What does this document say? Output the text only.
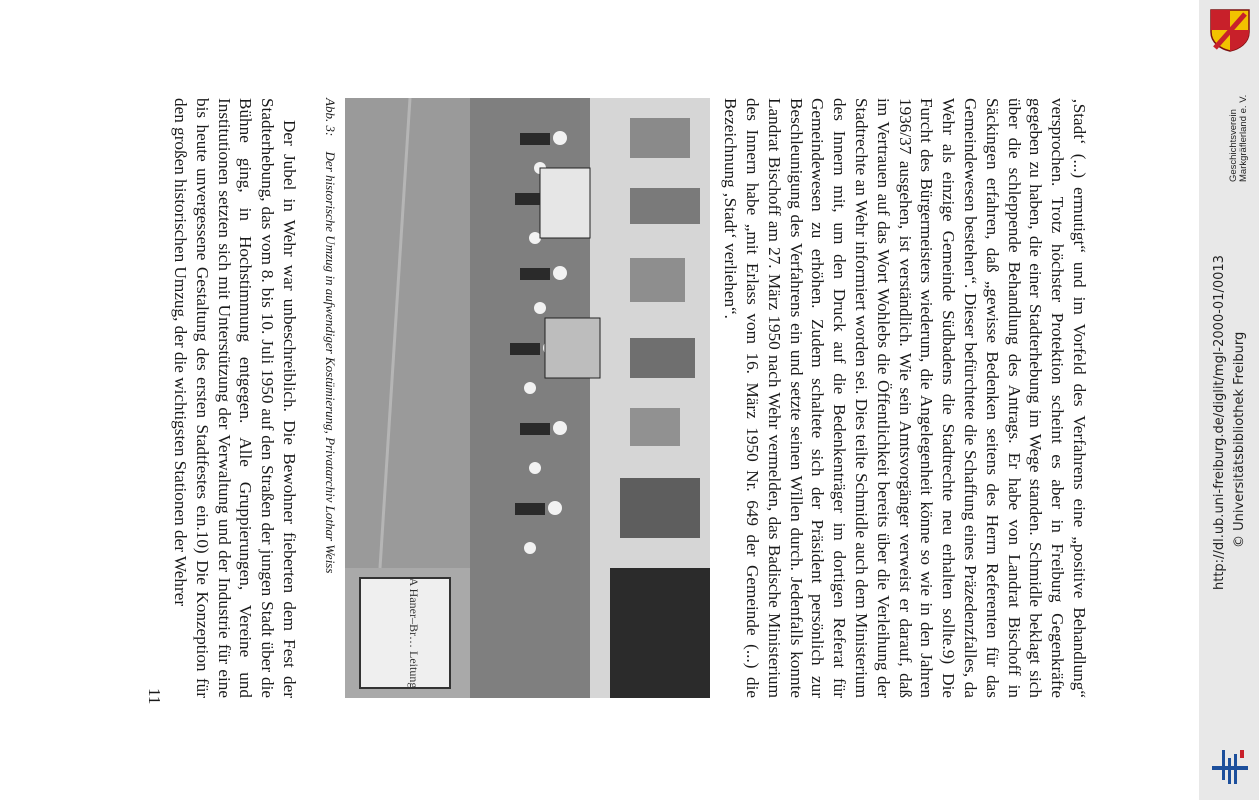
‚Stadt‘ (...) ermutigt“ und im Vorfeld des Verfahrens eine „positive Behandlung“ versprochen. Trotz höchster Protektion scheint es aber in Freiburg Gegenkräfte gegeben zu haben, die einer Stadterhebung im Wege standen. Schmidle beklagt sich über die schleppende Behandlung des Antrags. Er habe von Landrat Bischoff in Säckingen erfahren, daß „gewisse Bedenken seitens des Herrn Referenten für das Gemeindewesen bestehen“. Dieser befürchtete die Schaffung eines Präzedenzfalles, da Wehr als einzige Gemeinde Südbadens die Stadtrechte neu erhalten sollte.9) Die Furcht des Bürgermeisters wiederum, die Angelegenheit könne so wie in den Jahren 1936/37 ausgehen, ist verständlich. Wie sein Amtsvorgänger verweist er darauf, daß im Vertrauen auf das Wort Wohlebs die Öffentlichkeit bereits über die Verleihung der Stadtrechte an Wehr informiert worden sei. Dies teilte Schmidle auch dem Ministerium des Innern mit, um den Druck auf die Bedenkenträger im dortigen Referat für Gemeindewesen zu erhöhen. Zudem schaltete sich der Präsident persönlich zur Beschleunigung des Verfahrens ein und setzte seinen Willen durch. Jedenfalls konnte Landrat Bischoff am 27. März 1950 nach Wehr vermelden, das Badische Ministerium des Innern habe „mit Erlass vom 16. März 1950 Nr. 649 der Gemeinde (...) die Bezeichnung ‚Stadt‘ verliehen“.

A Haner–Br… Leitung
Abb. 3: Der historische Umzug in aufwendiger Kostümierung, Privatarchiv Lothar Weiss

Der Jubel in Wehr war unbeschreiblich. Die Bewohner fieberten dem Fest der Stadterhebung, das vom 8. bis 10. Juli 1950 auf den Straßen der jungen Stadt über die Bühne ging, in Hochstimmung entgegen. Alle Gruppierungen, Vereine und Institutionen setzten sich mit Unterstützung der Verwaltung und der Industrie für eine bis heute unvergessene Gestaltung des ersten Stadtfestes ein.10) Die Konzeption für den großen historischen Umzug, der die wichtigsten Stationen der Wehrer

11
Geschichtsverein Markgräflerland e. V.
http://dl.ub.uni-freiburg.de/diglit/mgl-2000-01/0013 © Universitätsbibliothek Freiburg
